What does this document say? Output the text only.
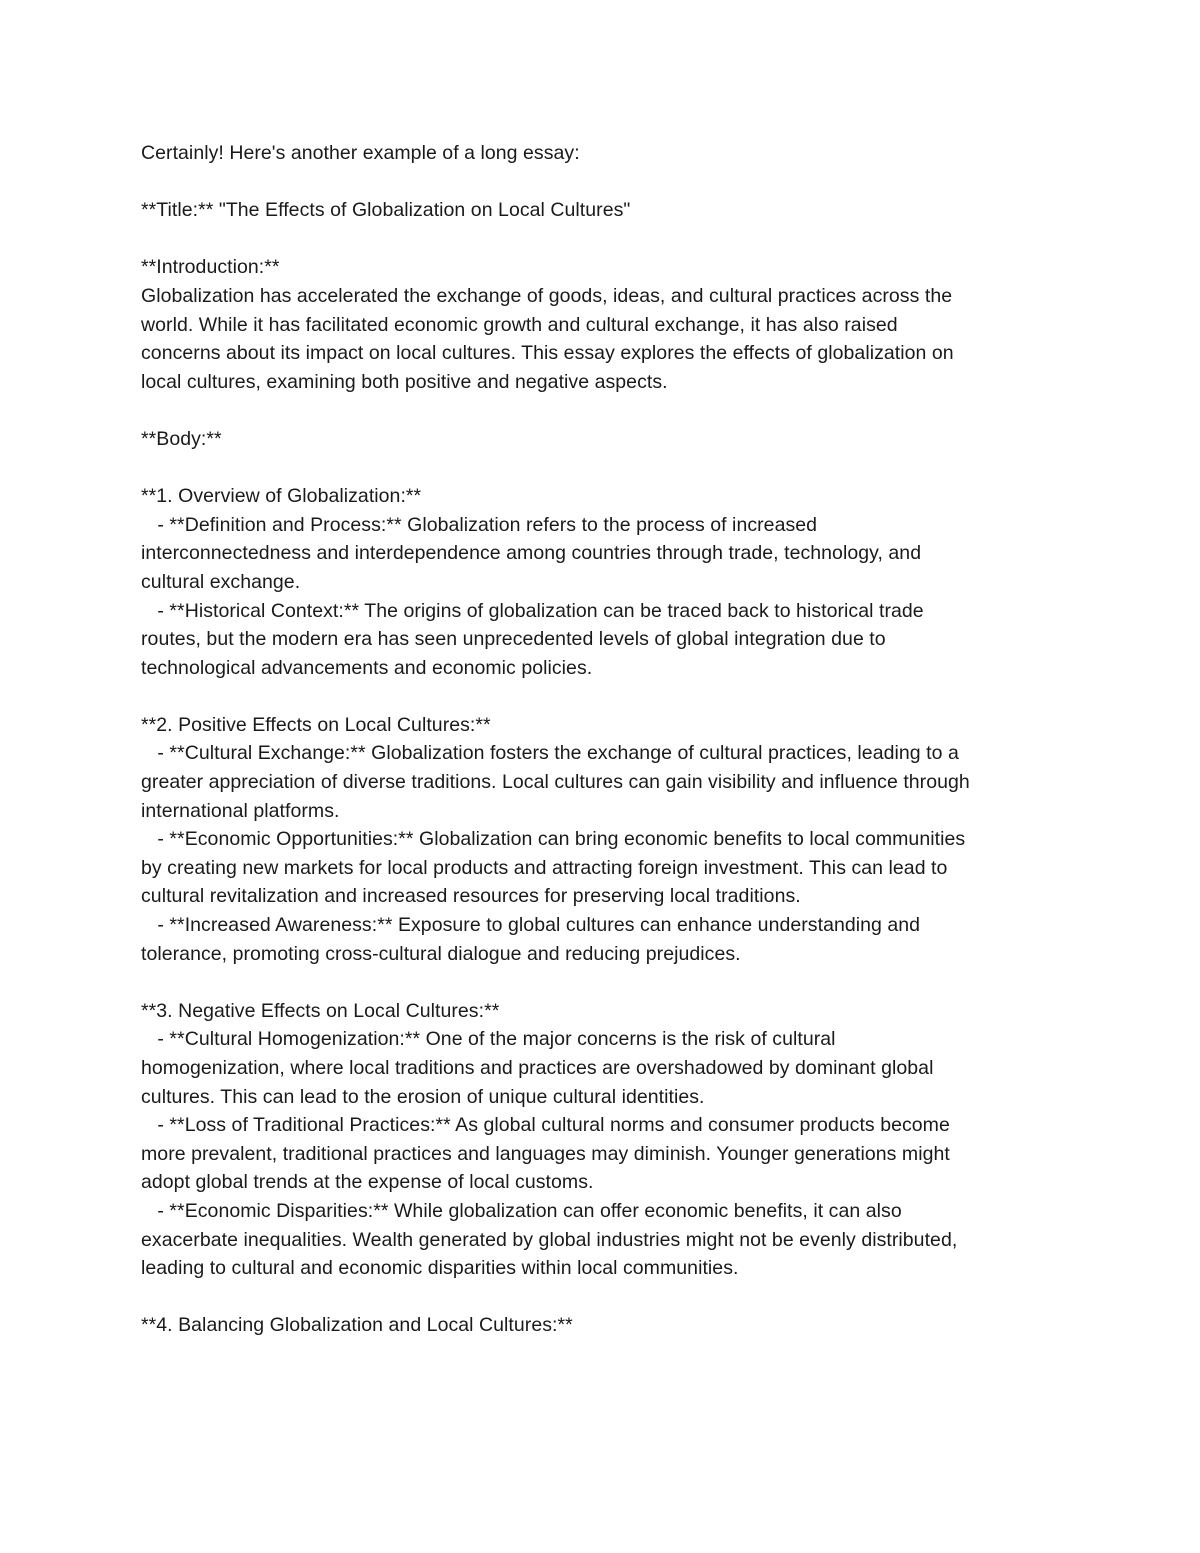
Certainly! Here's another example of a long essay:
**Title:** "The Effects of Globalization on Local Cultures"
**Introduction:**
Globalization has accelerated the exchange of goods, ideas, and cultural practices across the
world. While it has facilitated economic growth and cultural exchange, it has also raised
concerns about its impact on local cultures. This essay explores the effects of globalization on
local cultures, examining both positive and negative aspects.
**Body:**
**1. Overview of Globalization:**
- **Definition and Process:** Globalization refers to the process of increased
interconnectedness and interdependence among countries through trade, technology, and
cultural exchange.
- **Historical Context:** The origins of globalization can be traced back to historical trade
routes, but the modern era has seen unprecedented levels of global integration due to
technological advancements and economic policies.
**2. Positive Effects on Local Cultures:**
- **Cultural Exchange:** Globalization fosters the exchange of cultural practices, leading to a
greater appreciation of diverse traditions. Local cultures can gain visibility and influence through
international platforms.
- **Economic Opportunities:** Globalization can bring economic benefits to local communities
by creating new markets for local products and attracting foreign investment. This can lead to
cultural revitalization and increased resources for preserving local traditions.
- **Increased Awareness:** Exposure to global cultures can enhance understanding and
tolerance, promoting cross-cultural dialogue and reducing prejudices.
**3. Negative Effects on Local Cultures:**
- **Cultural Homogenization:** One of the major concerns is the risk of cultural
homogenization, where local traditions and practices are overshadowed by dominant global
cultures. This can lead to the erosion of unique cultural identities.
- **Loss of Traditional Practices:** As global cultural norms and consumer products become
more prevalent, traditional practices and languages may diminish. Younger generations might
adopt global trends at the expense of local customs.
- **Economic Disparities:** While globalization can offer economic benefits, it can also
exacerbate inequalities. Wealth generated by global industries might not be evenly distributed,
leading to cultural and economic disparities within local communities.
**4. Balancing Globalization and Local Cultures:**
